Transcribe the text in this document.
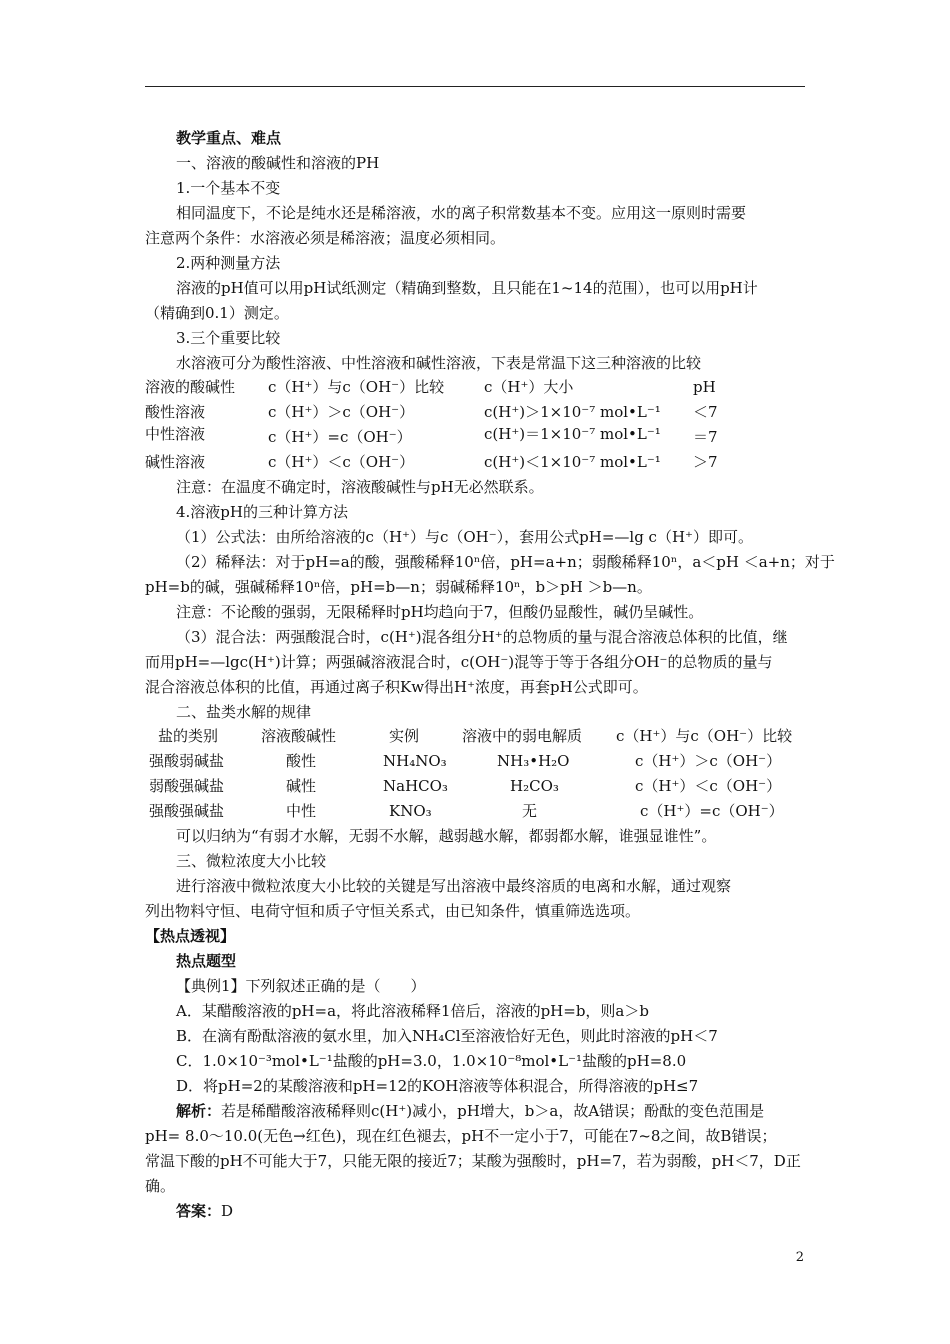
教学重点、难点
一、溶液的酸碱性和溶液的PH
1.一个基本不变
相同温度下，不论是纯水还是稀溶液，水的离子积常数基本不变。应用这一原则时需要
注意两个条件：水溶液必须是稀溶液；温度必须相同。
2.两种测量方法
溶液的pH值可以用pH试纸测定（精确到整数，且只能在1~14的范围），也可以用pH计
（精确到0.1）测定。
3.三个重要比较
水溶液可分为酸性溶液、中性溶液和碱性溶液，下表是常温下这三种溶液的比较
溶液的酸碱性 c（H⁺）与c（OH⁻）比较	c（H⁺）大小	pH
酸性溶液	c（H⁺）＞c（OH⁻）	c(H⁺)＞1×10⁻⁷ mol•L⁻¹ ＜7
中性溶液	c（H⁺）=c（OH⁻）	c(H⁺)＝1×10⁻⁷ mol•L⁻¹ ＝7
碱性溶液	c（H⁺）＜c（OH⁻）	c(H⁺)＜1×10⁻⁷ mol•L⁻¹ ＞7
注意：在温度不确定时，溶液酸碱性与pH无必然联系。
4.溶液pH的三种计算方法
（1）公式法：由所给溶液的c（H⁺）与c（OH⁻），套用公式pH=—lg c（H⁺）即可。
（2）稀释法：对于pH=a的酸，强酸稀释10ⁿ倍，pH=a+n；弱酸稀释10ⁿ，a＜pH ＜a+n；对于
pH=b的碱，强碱稀释10ⁿ倍，pH=b—n；弱碱稀释10ⁿ，b＞pH ＞b—n。
注意：不论酸的强弱，无限稀释时pH均趋向于7，但酸仍显酸性，碱仍呈碱性。
（3）混合法：两强酸混合时，c(H⁺)混各组分H⁺的总物质的量与混合溶液总体积的比值，继
而用pH=—lgc(H⁺)计算；两强碱溶液混合时，c(OH⁻)混等于等于各组分OH⁻的总物质的量与
混合溶液总体积的比值，再通过离子积Kw得出H⁺浓度，再套pH公式即可。
二、盐类水解的规律
盐的类别	溶液酸碱性	实例	溶液中的弱电解质 c（H⁺）与c（OH⁻）比较
强酸弱碱盐	酸性	NH₄NO₃	NH₃•H₂O	c（H⁺）＞c（OH⁻）
弱酸强碱盐	碱性	NaHCO₃	H₂CO₃	c（H⁺）＜c（OH⁻）
强酸强碱盐	中性	KNO₃	无	c（H⁺）=c（OH⁻）
可以归纳为“有弱才水解，无弱不水解，越弱越水解，都弱都水解，谁强显谁性”。
三、微粒浓度大小比较
进行溶液中微粒浓度大小比较的关键是写出溶液中最终溶质的电离和水解，通过观察
列出物料守恒、电荷守恒和质子守恒关系式，由已知条件，慎重筛选选项。
【热点透视】
热点题型
【典例1】下列叙述正确的是（　　）
A．某醋酸溶液的pH=a，将此溶液稀释1倍后，溶液的pH=b，则a＞b
B．在滴有酚酞溶液的氨水里，加入NH₄Cl至溶液恰好无色，则此时溶液的pH＜7
C．1.0×10⁻³mol•L⁻¹盐酸的pH=3.0，1.0×10⁻⁸mol•L⁻¹盐酸的pH=8.0
D．将pH=2的某酸溶液和pH=12的KOH溶液等体积混合，所得溶液的pH≤7
解析：若是稀醋酸溶液稀释则c(H⁺)减小，pH增大，b＞a，故A错误；酚酞的变色范围是
pH= 8.0～10.0(无色→红色)，现在红色褪去，pH不一定小于7，可能在7~8之间，故B错误；
常温下酸的pH不可能大于7，只能无限的接近7；某酸为强酸时，pH=7，若为弱酸，pH＜7，D正
确。
答案：D
2
